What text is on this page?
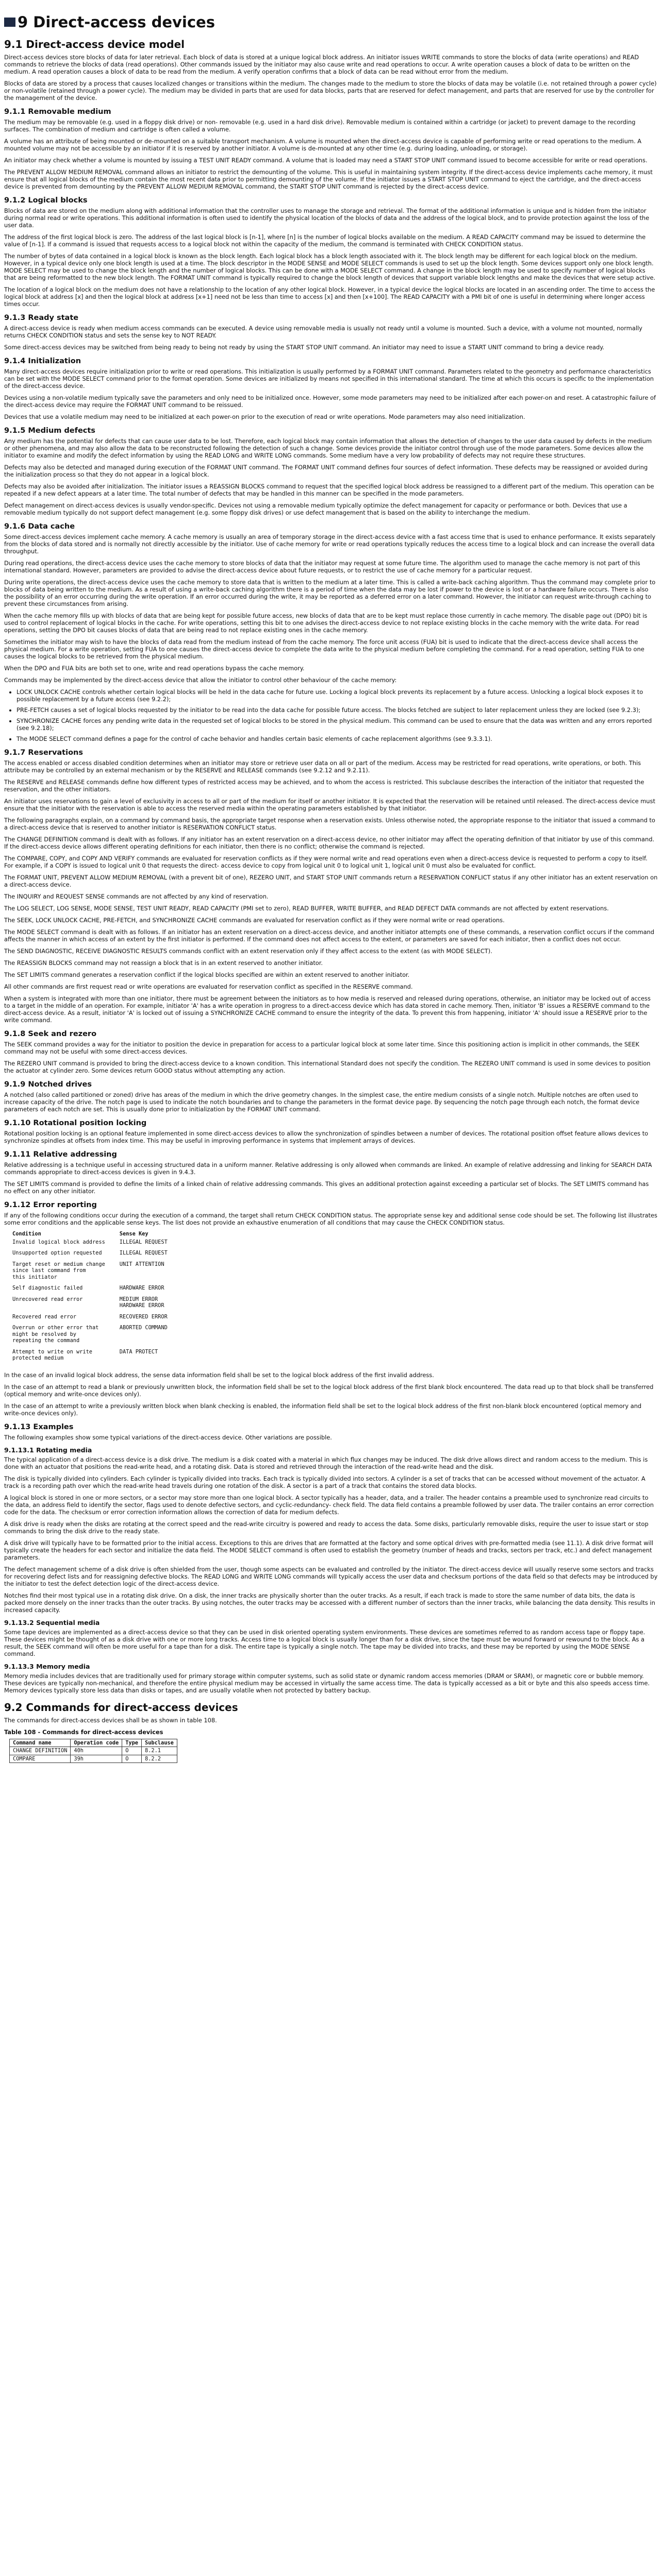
9 Direct-access devices
9.1 Direct-access device model

Direct-access devices store blocks of data for later retrieval. Each block of data is stored at a unique logical block address. An initiator issues WRITE commands to store the blocks of data (write operations) and READ commands to retrieve the blocks of data (read operations). Other commands issued by the initiator may also cause write and read operations to occur. A write operation causes a block of data to be written on the medium. A read operation causes a block of data to be read from the medium. A verify operation confirms that a block of data can be read without error from the medium.

Blocks of data are stored by a process that causes localized changes or transitions within the medium. The changes made to the medium to store the blocks of data may be volatile (i.e. not retained through a power cycle) or non-volatile (retained through a power cycle). The medium may be divided in parts that are used for data blocks, parts that are reserved for defect management, and parts that are reserved for use by the controller for the management of the device.

9.1.1 Removable medium

The medium may be removable (e.g. used in a floppy disk drive) or non- removable (e.g. used in a hard disk drive). Removable medium is contained within a cartridge (or jacket) to prevent damage to the recording surfaces. The combination of medium and cartridge is often called a volume.

A volume has an attribute of being mounted or de-mounted on a suitable transport mechanism. A volume is mounted when the direct-access device is capable of performing write or read operations to the medium. A mounted volume may not be accessible by an initiator if it is reserved by another initiator. A volume is de-mounted at any other time (e.g. during loading, unloading, or storage).

An initiator may check whether a volume is mounted by issuing a TEST UNIT READY command. A volume that is loaded may need a START STOP UNIT command issued to become accessible for write or read operations.

The PREVENT ALLOW MEDIUM REMOVAL command allows an initiator to restrict the demounting of the volume. This is useful in maintaining system integrity. If the direct-access device implements cache memory, it must ensure that all logical blocks of the medium contain the most recent data prior to permitting demounting of the volume. If the initiator issues a START STOP UNIT command to eject the cartridge, and the direct-access device is prevented from demounting by the PREVENT ALLOW MEDIUM REMOVAL command, the START STOP UNIT command is rejected by the direct-access device.

9.1.2 Logical blocks

Blocks of data are stored on the medium along with additional information that the controller uses to manage the storage and retrieval. The format of the additional information is unique and is hidden from the initiator during normal read or write operations. This additional information is often used to identify the physical location of the blocks of data and the address of the logical block, and to provide protection against the loss of the user data.

The address of the first logical block is zero. The address of the last logical block is [n-1], where [n] is the number of logical blocks available on the medium. A READ CAPACITY command may be issued to determine the value of [n-1]. If a command is issued that requests access to a logical block not within the capacity of the medium, the command is terminated with CHECK CONDITION status.

The number of bytes of data contained in a logical block is known as the block length. Each logical block has a block length associated with it. The block length may be different for each logical block on the medium. However, in a typical device only one block length is used at a time. The block descriptor in the MODE SENSE and MODE SELECT commands is used to set up the block length. Some devices support only one block length. MODE SELECT may be used to change the block length and the number of logical blocks. This can be done with a MODE SELECT command. A change in the block length may be used to specify number of logical blocks that are being reformatted to the new block length. The FORMAT UNIT command is typically required to change the block length of devices that support variable block lengths and make the devices that were setup active.

The location of a logical block on the medium does not have a relationship to the location of any other logical block. However, in a typical device the logical blocks are located in an ascending order. The time to access the logical block at address [x] and then the logical block at address [x+1] need not be less than time to access [x] and then [x+100]. The READ CAPACITY with a PMI bit of one is useful in determining where longer access times occur.

9.1.3 Ready state

A direct-access device is ready when medium access commands can be executed. A device using removable media is usually not ready until a volume is mounted. Such a device, with a volume not mounted, normally returns CHECK CONDITION status and sets the sense key to NOT READY.

Some direct-access devices may be switched from being ready to being not ready by using the START STOP UNIT command. An initiator may need to issue a START UNIT command to bring a device ready.

9.1.4 Initialization

Many direct-access devices require initialization prior to write or read operations. This initialization is usually performed by a FORMAT UNIT command. Parameters related to the geometry and performance characteristics can be set with the MODE SELECT command prior to the format operation. Some devices are initialized by means not specified in this international standard. The time at which this occurs is specific to the implementation of the direct-access device.

Devices using a non-volatile medium typically save the parameters and only need to be initialized once. However, some mode parameters may need to be initialized after each power-on and reset. A catastrophic failure of the direct-access device may require the FORMAT UNIT command to be reissued.

Devices that use a volatile medium may need to be initialized at each power-on prior to the execution of read or write operations. Mode parameters may also need initialization.

9.1.5 Medium defects

Any medium has the potential for defects that can cause user data to be lost. Therefore, each logical block may contain information that allows the detection of changes to the user data caused by defects in the medium or other phenomena, and may also allow the data to be reconstructed following the detection of such a change. Some devices provide the initiator control through use of the mode parameters. Some devices allow the initiator to examine and modify the defect information by using the READ LONG and WRITE LONG commands. Some medium have a very low probability of defects may not require these structures.

Defects may also be detected and managed during execution of the FORMAT UNIT command. The FORMAT UNIT command defines four sources of defect information. These defects may be reassigned or avoided during the initialization process so that they do not appear in a logical block.

Defects may also be avoided after initialization. The initiator issues a REASSIGN BLOCKS command to request that the specified logical block address be reassigned to a different part of the medium. This operation can be repeated if a new defect appears at a later time. The total number of defects that may be handled in this manner can be specified in the mode parameters.

Defect management on direct-access devices is usually vendor-specific. Devices not using a removable medium typically optimize the defect management for capacity or performance or both. Devices that use a removable medium typically do not support defect management (e.g. some floppy disk drives) or use defect management that is based on the ability to interchange the medium.

9.1.6 Data cache

Some direct-access devices implement cache memory. A cache memory is usually an area of temporary storage in the direct-access device with a fast access time that is used to enhance performance. It exists separately from the blocks of data stored and is normally not directly accessible by the initiator. Use of cache memory for write or read operations typically reduces the access time to a logical block and can increase the overall data throughput.

During read operations, the direct-access device uses the cache memory to store blocks of data that the initiator may request at some future time. The algorithm used to manage the cache memory is not part of this international standard. However, parameters are provided to advise the direct-access device about future requests, or to restrict the use of cache memory for a particular request.

During write operations, the direct-access device uses the cache memory to store data that is written to the medium at a later time. This is called a write-back caching algorithm. Thus the command may complete prior to blocks of data being written to the medium. As a result of using a write-back caching algorithm there is a period of time when the data may be lost if power to the device is lost or a hardware failure occurs. There is also the possibility of an error occurring during the write operation. If an error occurred during the write, it may be reported as a deferred error on a later command. However, the initiator can request write-through caching to prevent these circumstances from arising.

When the cache memory fills up with blocks of data that are being kept for possible future access, new blocks of data that are to be kept must replace those currently in cache memory. The disable page out (DPO) bit is used to control replacement of logical blocks in the cache. For write operations, setting this bit to one advises the direct-access device to not replace existing blocks in the cache memory with the write data. For read operations, setting the DPO bit causes blocks of data that are being read to not replace existing ones in the cache memory.

Sometimes the initiator may wish to have the blocks of data read from the medium instead of from the cache memory. The force unit access (FUA) bit is used to indicate that the direct-access device shall access the physical medium. For a write operation, setting FUA to one causes the direct-access device to complete the data write to the physical medium before completing the command. For a read operation, setting FUA to one causes the logical blocks to be retrieved from the physical medium.

When the DPO and FUA bits are both set to one, write and read operations bypass the cache memory.

Commands may be implemented by the direct-access device that allow the initiator to control other behaviour of the cache memory:

• LOCK UNLOCK CACHE controls whether certain logical blocks will be held in the data cache for future use. Locking a logical block prevents its replacement by a future access. Unlocking a logical block exposes it to possible replacement by a future access (see 9.2.2);
• PRE-FETCH causes a set of logical blocks requested by the initiator to be read into the data cache for possible future access. The blocks fetched are subject to later replacement unless they are locked (see 9.2.3);
• SYNCHRONIZE CACHE forces any pending write data in the requested set of logical blocks to be stored in the physical medium. This command can be used to ensure that the data was written and any errors reported (see 9.2.18);
• The MODE SELECT command defines a page for the control of cache behavior and handles certain basic elements of cache replacement algorithms (see 9.3.3.1).
9.1.7 Reservations

The access enabled or access disabled condition determines when an initiator may store or retrieve user data on all or part of the medium. Access may be restricted for read operations, write operations, or both. This attribute may be controlled by an external mechanism or by the RESERVE and RELEASE commands (see 9.2.12 and 9.2.11).

The RESERVE and RELEASE commands define how different types of restricted access may be achieved, and to whom the access is restricted. This subclause describes the interaction of the initiator that requested the reservation, and the other initiators.

An initiator uses reservations to gain a level of exclusivity in access to all or part of the medium for itself or another initiator. It is expected that the reservation will be retained until released. The direct-access device must ensure that the initiator with the reservation is able to access the reserved media within the operating parameters established by that initiator.

The following paragraphs explain, on a command by command basis, the appropriate target response when a reservation exists. Unless otherwise noted, the appropriate response to the initiator that issued a command to a direct-access device that is reserved to another initiator is RESERVATION CONFLICT status.

The CHANGE DEFINITION command is dealt with as follows. If any initiator has an extent reservation on a direct-access device, no other initiator may affect the operating definition of that initiator by use of this command. If the direct-access device allows different operating definitions for each initiator, then there is no conflict; otherwise the command is rejected.

The COMPARE, COPY, and COPY AND VERIFY commands are evaluated for reservation conflicts as if they were normal write and read operations even when a direct-access device is requested to perform a copy to itself. For example, if a COPY is issued to logical unit 0 that requests the direct- access device to copy from logical unit 0 to logical unit 1, logical unit 0 must also be evaluated for conflict.

The FORMAT UNIT, PREVENT ALLOW MEDIUM REMOVAL (with a prevent bit of one), REZERO UNIT, and START STOP UNIT commands return a RESERVATION CONFLICT status if any other initiator has an extent reservation on a direct-access device.

The INQUIRY and REQUEST SENSE commands are not affected by any kind of reservation.

The LOG SELECT, LOG SENSE, MODE SENSE, TEST UNIT READY, READ CAPACITY (PMI set to zero), READ BUFFER, WRITE BUFFER, and READ DEFECT DATA commands are not affected by extent reservations.

The SEEK, LOCK UNLOCK CACHE, PRE-FETCH, and SYNCHRONIZE CACHE commands are evaluated for reservation conflict as if they were normal write or read operations.

The MODE SELECT command is dealt with as follows. If an initiator has an extent reservation on a direct-access device, and another initiator attempts one of these commands, a reservation conflict occurs if the command affects the manner in which access of an extent by the first initiator is performed. If the command does not affect access to the extent, or parameters are saved for each initiator, then a conflict does not occur.

The SEND DIAGNOSTIC, RECEIVE DIAGNOSTIC RESULTS commands conflict with an extent reservation only if they affect access to the extent (as with MODE SELECT).

The REASSIGN BLOCKS command may not reassign a block that is in an extent reserved to another initiator.

The SET LIMITS command generates a reservation conflict if the logical blocks specified are within an extent reserved to another initiator.

All other commands are first request read or write operations are evaluated for reservation conflict as specified in the RESERVE command.

When a system is integrated with more than one initiator, there must be agreement between the initiators as to how media is reserved and released during operations, otherwise, an initiator may be locked out of access to a target in the middle of an operation. For example, initiator 'A' has a write operation in progress to a direct-access device which has data stored in cache memory. Then, initiator 'B' issues a RESERVE command to the direct-access device. As a result, initiator 'A' is locked out of issuing a SYNCHRONIZE CACHE command to ensure the integrity of the data. To prevent this from happening, initiator 'A' should issue a RESERVE prior to the write command.

9.1.8 Seek and rezero

The SEEK command provides a way for the initiator to position the device in preparation for access to a particular logical block at some later time. Since this positioning action is implicit in other commands, the SEEK command may not be useful with some direct-access devices.

The REZERO UNIT command is provided to bring the direct-access device to a known condition. This international Standard does not specify the condition. The REZERO UNIT command is used in some devices to position the actuator at cylinder zero. Some devices return GOOD status without attempting any action.

9.1.9 Notched drives

A notched (also called partitioned or zoned) drive has areas of the medium in which the drive geometry changes. In the simplest case, the entire medium consists of a single notch. Multiple notches are often used to increase capacity of the drive. The notch page is used to indicate the notch boundaries and to change the parameters in the format device page. By sequencing the notch page through each notch, the format device parameters of each notch are set. This is usually done prior to initialization by the FORMAT UNIT command.

9.1.10 Rotational position locking

Rotational position locking is an optional feature implemented in some direct-access devices to allow the synchronization of spindles between a number of devices. The rotational position offset feature allows devices to synchronize spindles at offsets from index time. This may be useful in improving performance in systems that implement arrays of devices.

9.1.11 Relative addressing

Relative addressing is a technique useful in accessing structured data in a uniform manner. Relative addressing is only allowed when commands are linked. An example of relative addressing and linking for SEARCH DATA commands appropriate to direct-access devices is given in 9.4.3.

The SET LIMITS command is provided to define the limits of a linked chain of relative addressing commands. This gives an additional protection against exceeding a particular set of blocks. The SET LIMITS command has no effect on any other initiator.

9.1.12 Error reporting

If any of the following conditions occur during the execution of a command, the target shall return CHECK CONDITION status. The appropriate sense key and additional sense code should be set. The following list illustrates some error conditions and the applicable sense keys. The list does not provide an exhaustive enumeration of all conditions that may cause the CHECK CONDITION status.

Condition	Sense Key
Invalid logical block address	ILLEGAL REQUEST
Unsupported option requested	ILLEGAL REQUEST
Target reset or medium change
since last command from
this initiator	UNIT ATTENTION
Self diagnostic failed	HARDWARE ERROR
Unrecovered read error	MEDIUM ERROR
HARDWARE ERROR
Recovered read error	RECOVERED ERROR
Overrun or other error that
might be resolved by
repeating the command	ABORTED COMMAND
Attempt to write on write
protected medium	DATA PROTECT

In the case of an invalid logical block address, the sense data information field shall be set to the logical block address of the first invalid address.

In the case of an attempt to read a blank or previously unwritten block, the information field shall be set to the logical block address of the first blank block encountered. The data read up to that block shall be transferred (optical memory and write-once devices only).

In the case of an attempt to write a previously written block when blank checking is enabled, the information field shall be set to the logical block address of the first non-blank block encountered (optical memory and write-once devices only).

9.1.13 Examples

The following examples show some typical variations of the direct-access device. Other variations are possible.

9.1.13.1 Rotating media

The typical application of a direct-access device is a disk drive. The medium is a disk coated with a material in which flux changes may be induced. The disk drive allows direct and random access to the medium. This is done with an actuator that positions the read-write head, and a rotating disk. Data is stored and retrieved through the interaction of the read-write head and the disk.

The disk is typically divided into cylinders. Each cylinder is typically divided into tracks. Each track is typically divided into sectors. A cylinder is a set of tracks that can be accessed without movement of the actuator. A track is a recording path over which the read-write head travels during one rotation of the disk. A sector is a part of a track that contains the stored data blocks.

A logical block is stored in one or more sectors, or a sector may store more than one logical block. A sector typically has a header, data, and a trailer. The header contains a preamble used to synchronize read circuits to the data, an address field to identify the sector, flags used to denote defective sectors, and cyclic-redundancy- check field. The data field contains a preamble followed by user data. The trailer contains an error correction code for the data. The checksum or error correction information allows the correction of data for medium defects.

A disk drive is ready when the disks are rotating at the correct speed and the read-write circuitry is powered and ready to access the data. Some disks, particularly removable disks, require the user to issue start or stop commands to bring the disk drive to the ready state.

A disk drive will typically have to be formatted prior to the initial access. Exceptions to this are drives that are formatted at the factory and some optical drives with pre-formatted media (see 11.1). A disk drive format will typically create the headers for each sector and initialize the data field. The MODE SELECT command is often used to establish the geometry (number of heads and tracks, sectors per track, etc.) and defect management parameters.

The defect management scheme of a disk drive is often shielded from the user, though some aspects can be evaluated and controlled by the initiator. The direct-access device will usually reserve some sectors and tracks for recovering defect lists and for reassigning defective blocks. The READ LONG and WRITE LONG commands will typically access the user data and checksum portions of the data field so that defects may be introduced by the initiator to test the defect detection logic of the direct-access device.

Notches find their most typical use in a rotating disk drive. On a disk, the inner tracks are physically shorter than the outer tracks. As a result, if each track is made to store the same number of data bits, the data is packed more densely on the inner tracks than the outer tracks. By using notches, the outer tracks may be accessed with a different number of sectors than the inner tracks, while balancing the data density. This results in increased capacity.

9.1.13.2 Sequential media

Some tape devices are implemented as a direct-access device so that they can be used in disk oriented operating system environments. These devices are sometimes referred to as random access tape or floppy tape. These devices might be thought of as a disk drive with one or more long tracks. Access time to a logical block is usually longer than for a disk drive, since the tape must be wound forward or rewound to the block. As a result, the SEEK command will often be more useful for a tape than for a disk. The entire tape is typically a single notch. The tape may be divided into tracks, and these may be reported by using the MODE SENSE command.

9.1.13.3 Memory media

Memory media includes devices that are traditionally used for primary storage within computer systems, such as solid state or dynamic random access memories (DRAM or SRAM), or magnetic core or bubble memory. These devices are typically non-mechanical, and therefore the entire physical medium may be accessed in virtually the same access time. The data is typically accessed as a bit or byte and this also speeds access time. Memory devices typically store less data than disks or tapes, and are usually volatile when not protected by battery backup.

9.2 Commands for direct-access devices

The commands for direct-access devices shall be as shown in table 108.

Table 108 - Commands for direct-access devices
Command name	Operation code	Type	Subclause
CHANGE DEFINITION	40h	O	8.2.1
COMPARE	39h	O	8.2.2
